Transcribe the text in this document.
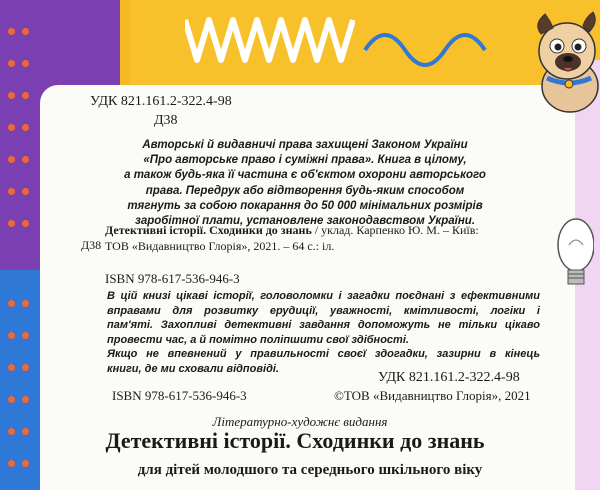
УДК 821.161.2-322.4-98
Д38
Авторські й видавничі права захищені Законом України
«Про авторське право і суміжні права». Книга в цілому,
а також будь-яка її частина є об'єктом охорони авторського
права. Передрук або відтворення будь-яким способом
тягнуть за собою покарання до 50 000 мінімальних розмірів
заробітної плати, установлене законодавством України.
Детективні історії. Сходинки до знань / уклад. Карпенко Ю. М. – Київ:
ТОВ «Видавництво Глорія», 2021. – 64 с.: іл.
Д38
ISBN 978-617-536-946-3
В цій книзі цікаві історії, головоломки і загадки поєднані з ефективними
вправами для розвитку ерудиції, уважності, кмітливості, логіки і
пам'яті. Захопливі детективні завдання допоможуть не тільки цікаво
провести час, а й помітно поліпшити свої здібності.
Якщо не впевнений у правильності своєї здогадки, зазирни в кінець
книги, де ми сховали відповіді.
УДК 821.161.2-322.4-98
ISBN 978-617-536-946-3	©ТОВ «Видавництво Глорія», 2021
Літературно-художнє видання
Детективні історії. Сходинки до знань
для дітей молодшого та середнього шкільного віку
